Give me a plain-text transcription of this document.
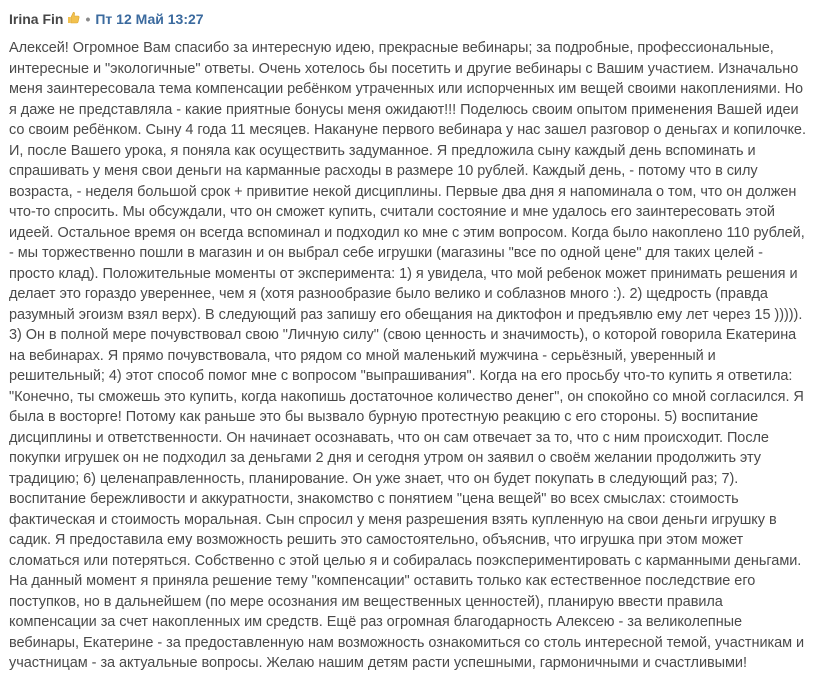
Irina Fin • Пт 12 Май 13:27
Алексей! Огромное Вам спасибо за интересную идею, прекрасные вебинары; за подробные, профессиональные, интересные и "экологичные" ответы. Очень хотелось бы посетить и другие вебинары с Вашим участием. Изначально меня заинтересовала тема компенсации ребёнком утраченных или испорченных им вещей своими накоплениями. Но я даже не представляла - какие приятные бонусы меня ожидают!!! Поделюсь своим опытом применения Вашей идеи со своим ребёнком. Сыну 4 года 11 месяцев. Накануне первого вебинара у нас зашел разговор о деньгах и копилочке. И, после Вашего урока, я поняла как осуществить задуманное. Я предложила сыну каждый день вспоминать и спрашивать у меня свои деньги на карманные расходы в размере 10 рублей. Каждый день, - потому что в силу возраста, - неделя большой срок + привитие некой дисциплины. Первые два дня я напоминала о том, что он должен что-то спросить. Мы обсуждали, что он сможет купить, считали состояние и мне удалось его заинтересовать этой идеей. Остальное время он всегда вспоминал и подходил ко мне с этим вопросом. Когда было накоплено 110 рублей, - мы торжественно пошли в магазин и он выбрал себе игрушки (магазины "все по одной цене" для таких целей - просто клад). Положительные моменты от эксперимента: 1) я увидела, что мой ребенок может принимать решения и делает это гораздо увереннее, чем я (хотя разнообразие было велико и соблазнов много :). 2) щедрость (правда разумный эгоизм взял верх). В следующий раз запишу его обещания на диктофон и предъявлю ему лет через 15 ))))). 3) Он в полной мере почувствовал свою "Личную силу" (свою ценность и значимость), о которой говорила Екатерина на вебинарах. Я прямо почувствовала, что рядом со мной маленький мужчина - серьёзный, уверенный и решительный; 4) этот способ помог мне с вопросом "выпрашивания". Когда на его просьбу что-то купить я ответила: "Конечно, ты сможешь это купить, когда накопишь достаточное количество денег", он спокойно со мной согласился. Я была в восторге! Потому как раньше это бы вызвало бурную протестную реакцию с его стороны. 5) воспитание дисциплины и ответственности. Он начинает осознавать, что он сам отвечает за то, что с ним происходит. После покупки игрушек он не подходил за деньгами 2 дня и сегодня утром он заявил о своём желании продолжить эту традицию; 6) целенаправленность, планирование. Он уже знает, что он будет покупать в следующий раз; 7). воспитание бережливости и аккуратности, знакомство с понятием "цена вещей" во всех смыслах: стоимость фактическая и стоимость моральная. Сын спросил у меня разрешения взять купленную на свои деньги игрушку в садик. Я предоставила ему возможность решить это самостоятельно, объяснив, что игрушка при этом может сломаться или потеряться. Собственно с этой целью я и собиралась поэкспериментировать с карманными деньгами. На данный момент я приняла решение тему "компенсации" оставить только как естественное последствие его поступков, но в дальнейшем (по мере осознания им вещественных ценностей), планирую ввести правила компенсации за счет накопленных им средств. Ещё раз огромная благодарность Алексею - за великолепные вебинары, Екатерине - за предоставленную нам возможность ознакомиться со столь интересной темой, участникам и участницам - за актуальные вопросы. Желаю нашим детям расти успешными, гармоничными и счастливыми!
